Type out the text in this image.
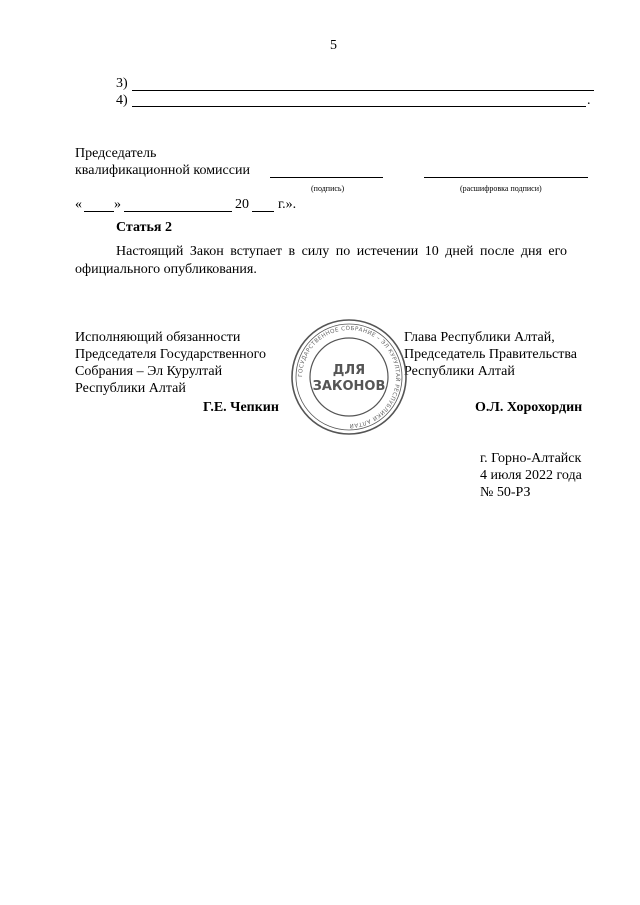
5
3)
4)	.
Председатель
квалификационной комиссии
(подпись)	(расшифровка подписи)
« »	20 г.».
Статья 2
Настоящий Закон вступает в силу по истечении 10 дней после дня его
официального опубликования.
Исполняющий обязанности
Председателя Государственного
Собрания – Эл Курултай
Республики Алтай
Г.Е. Чепкин
Глава Республики Алтай,
Председатель Правительства
Республики Алтай
О.Л. Хорохордин
ГОСУДАРСТВЕННОЕ СОБРАНИЕ – ЭЛ КУРУЛТАЙ РЕСПУБЛИКИ АЛТАЙ
ДЛЯ
ЗАКОНОВ
г. Горно-Алтайск
4 июля 2022 года
№ 50-РЗ
